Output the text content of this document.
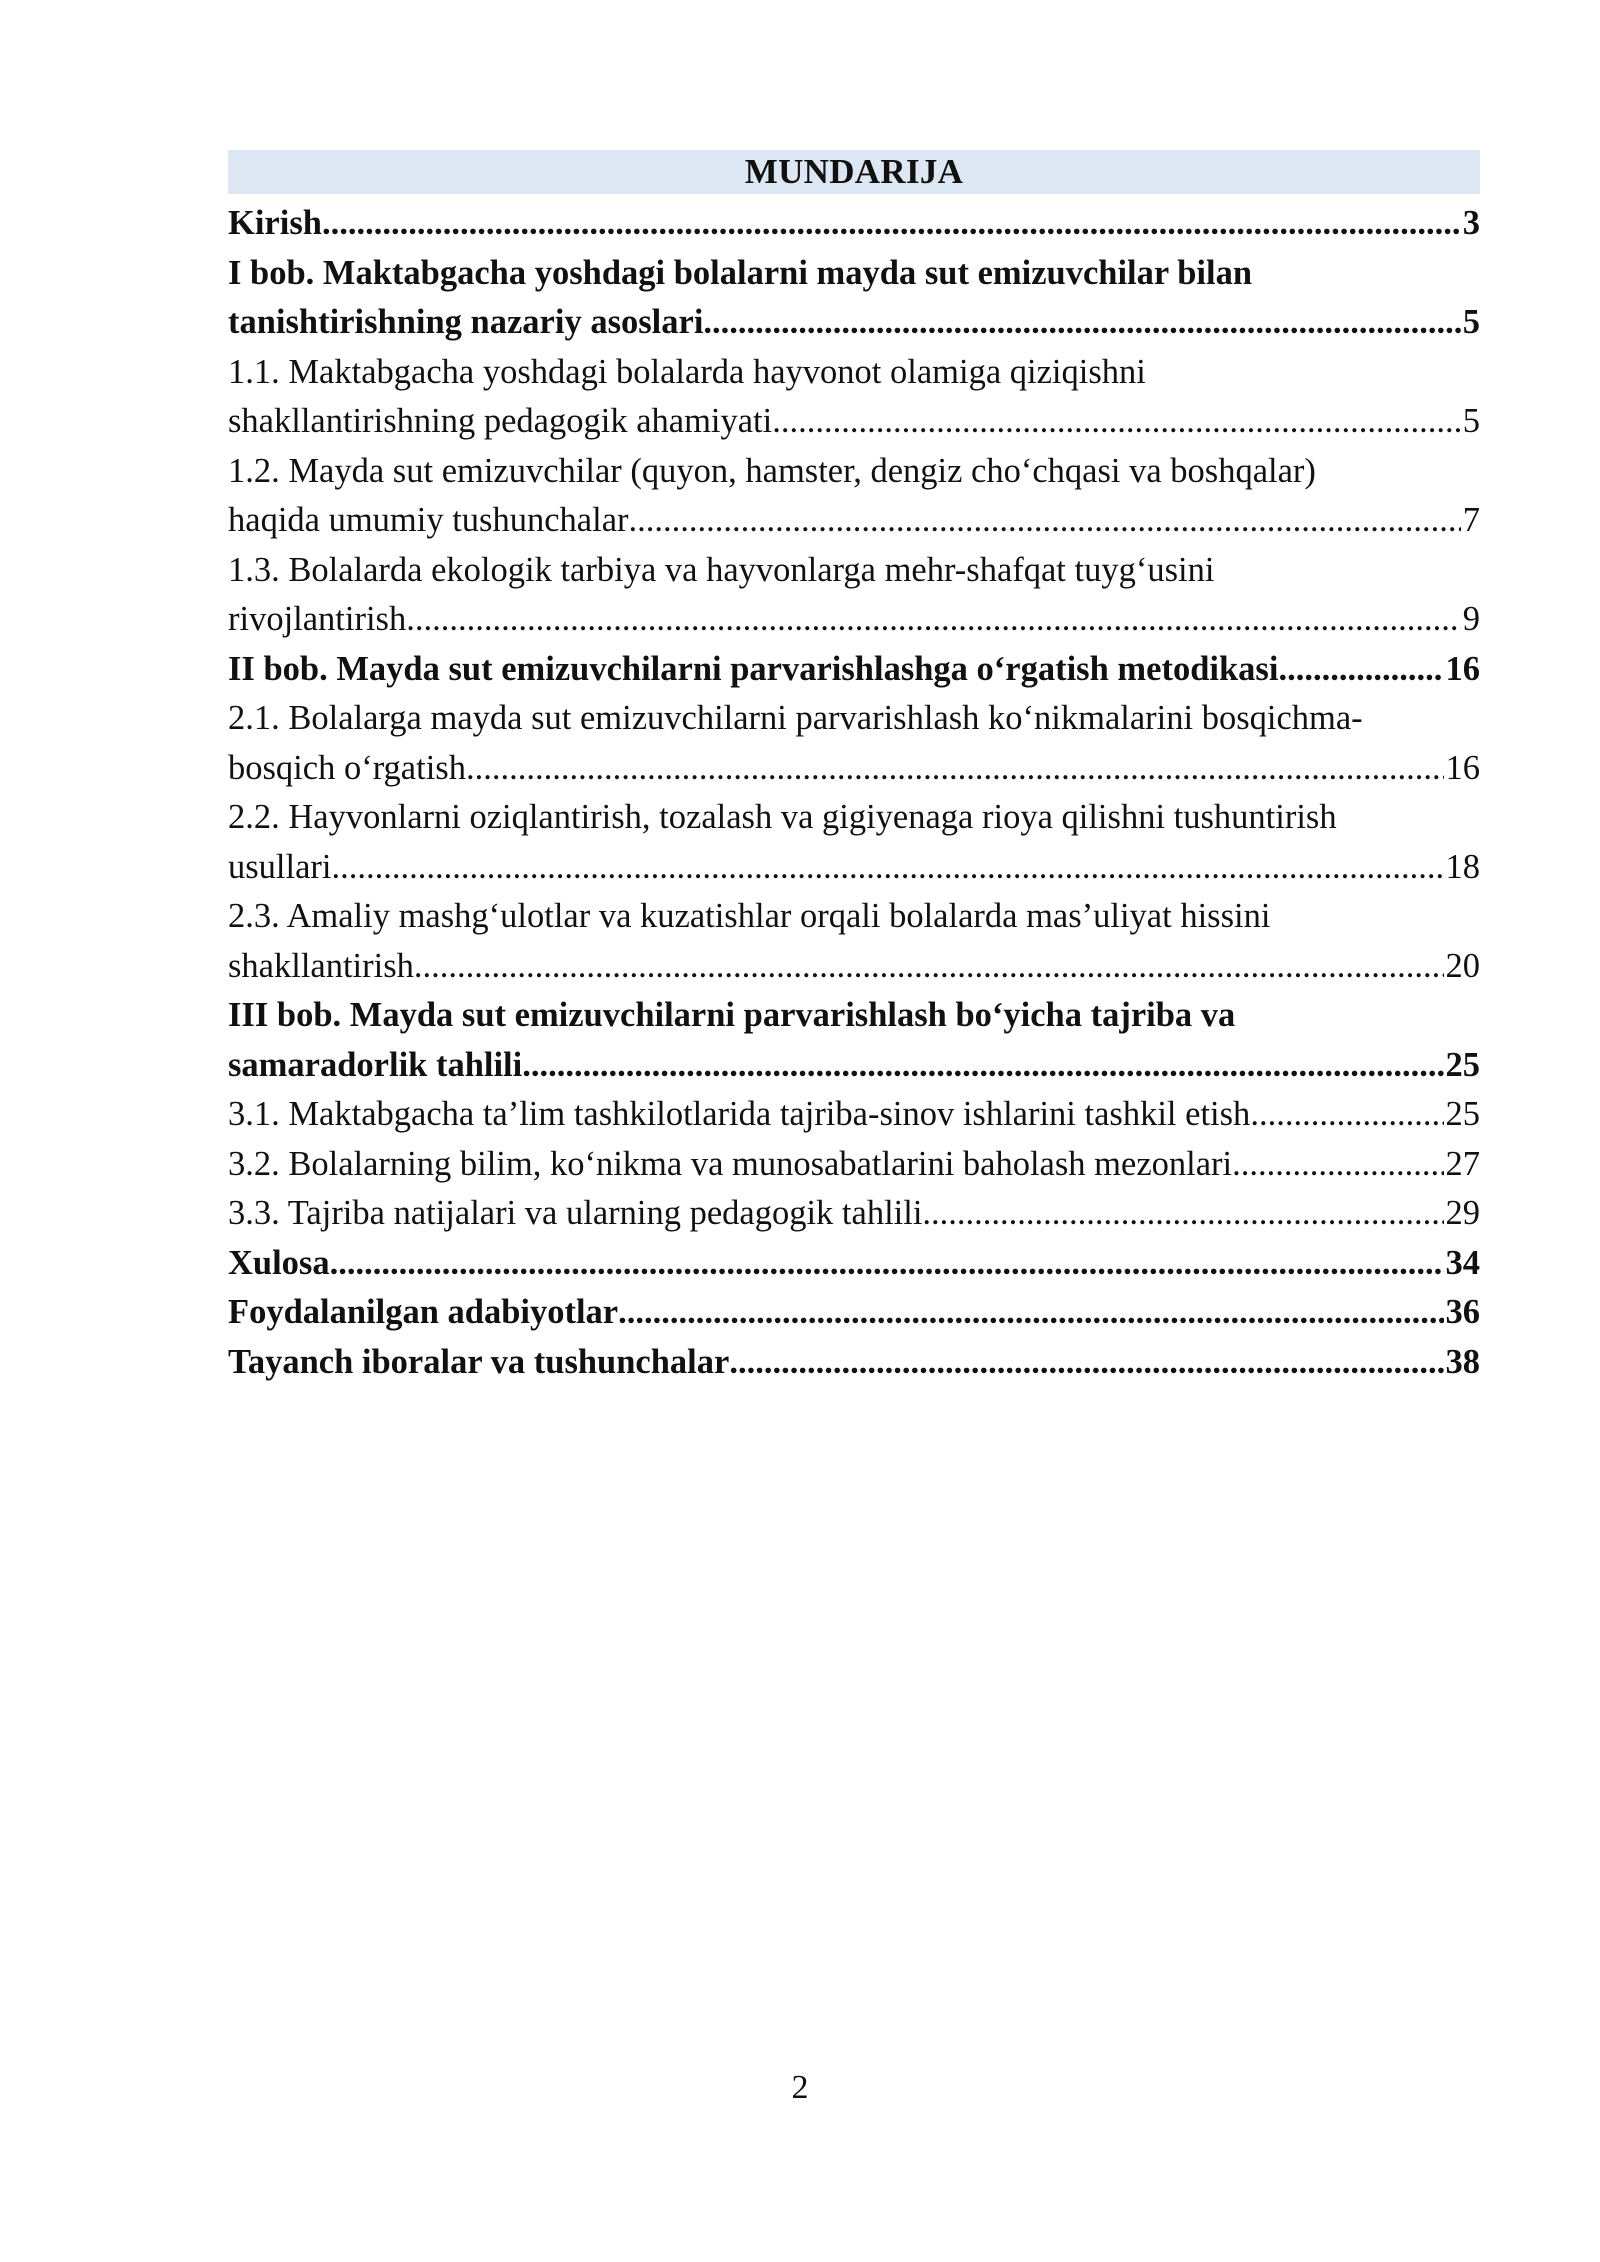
MUNDARIJA
Kirish .....	3
I bob. Maktabgacha yoshdagi bolalarni mayda sut emizuvchilar bilan
tanishtirishning nazariy asoslari .....	5
1.1. Maktabgacha yoshdagi bolalarda hayvonot olamiga qiziqishni
shakllantirishning pedagogik ahamiyati .....	5
1.2. Mayda sut emizuvchilar (quyon, hamster, dengiz cho‘chqasi va boshqalar)
haqida umumiy tushunchalar .....	7
1.3. Bolalarda ekologik tarbiya va hayvonlarga mehr-shafqat tuyg‘usini
rivojlantirish .....	9
II bob. Mayda sut emizuvchilarni parvarishlashga o‘rgatish metodikasi .....	16
2.1. Bolalarga mayda sut emizuvchilarni parvarishlash ko‘nikmalarini bosqichma-
bosqich o‘rgatish .....	16
2.2. Hayvonlarni oziqlantirish, tozalash va gigiyenaga rioya qilishni tushuntirish
usullari .....	18
2.3. Amaliy mashg‘ulotlar va kuzatishlar orqali bolalarda mas’uliyat hissini
shakllantirish .....	20
III bob. Mayda sut emizuvchilarni parvarishlash bo‘yicha tajriba va
samaradorlik tahlili .....	25
3.1. Maktabgacha ta’lim tashkilotlarida tajriba-sinov ishlarini tashkil etish .....	25
3.2. Bolalarning bilim, ko‘nikma va munosabatlarini baholash mezonlari .....	27
3.3. Tajriba natijalari va ularning pedagogik tahlili .....	29
Xulosa .....	34
Foydalanilgan adabiyotlar .....	36
Tayanch iboralar va tushunchalar .....	38
2
